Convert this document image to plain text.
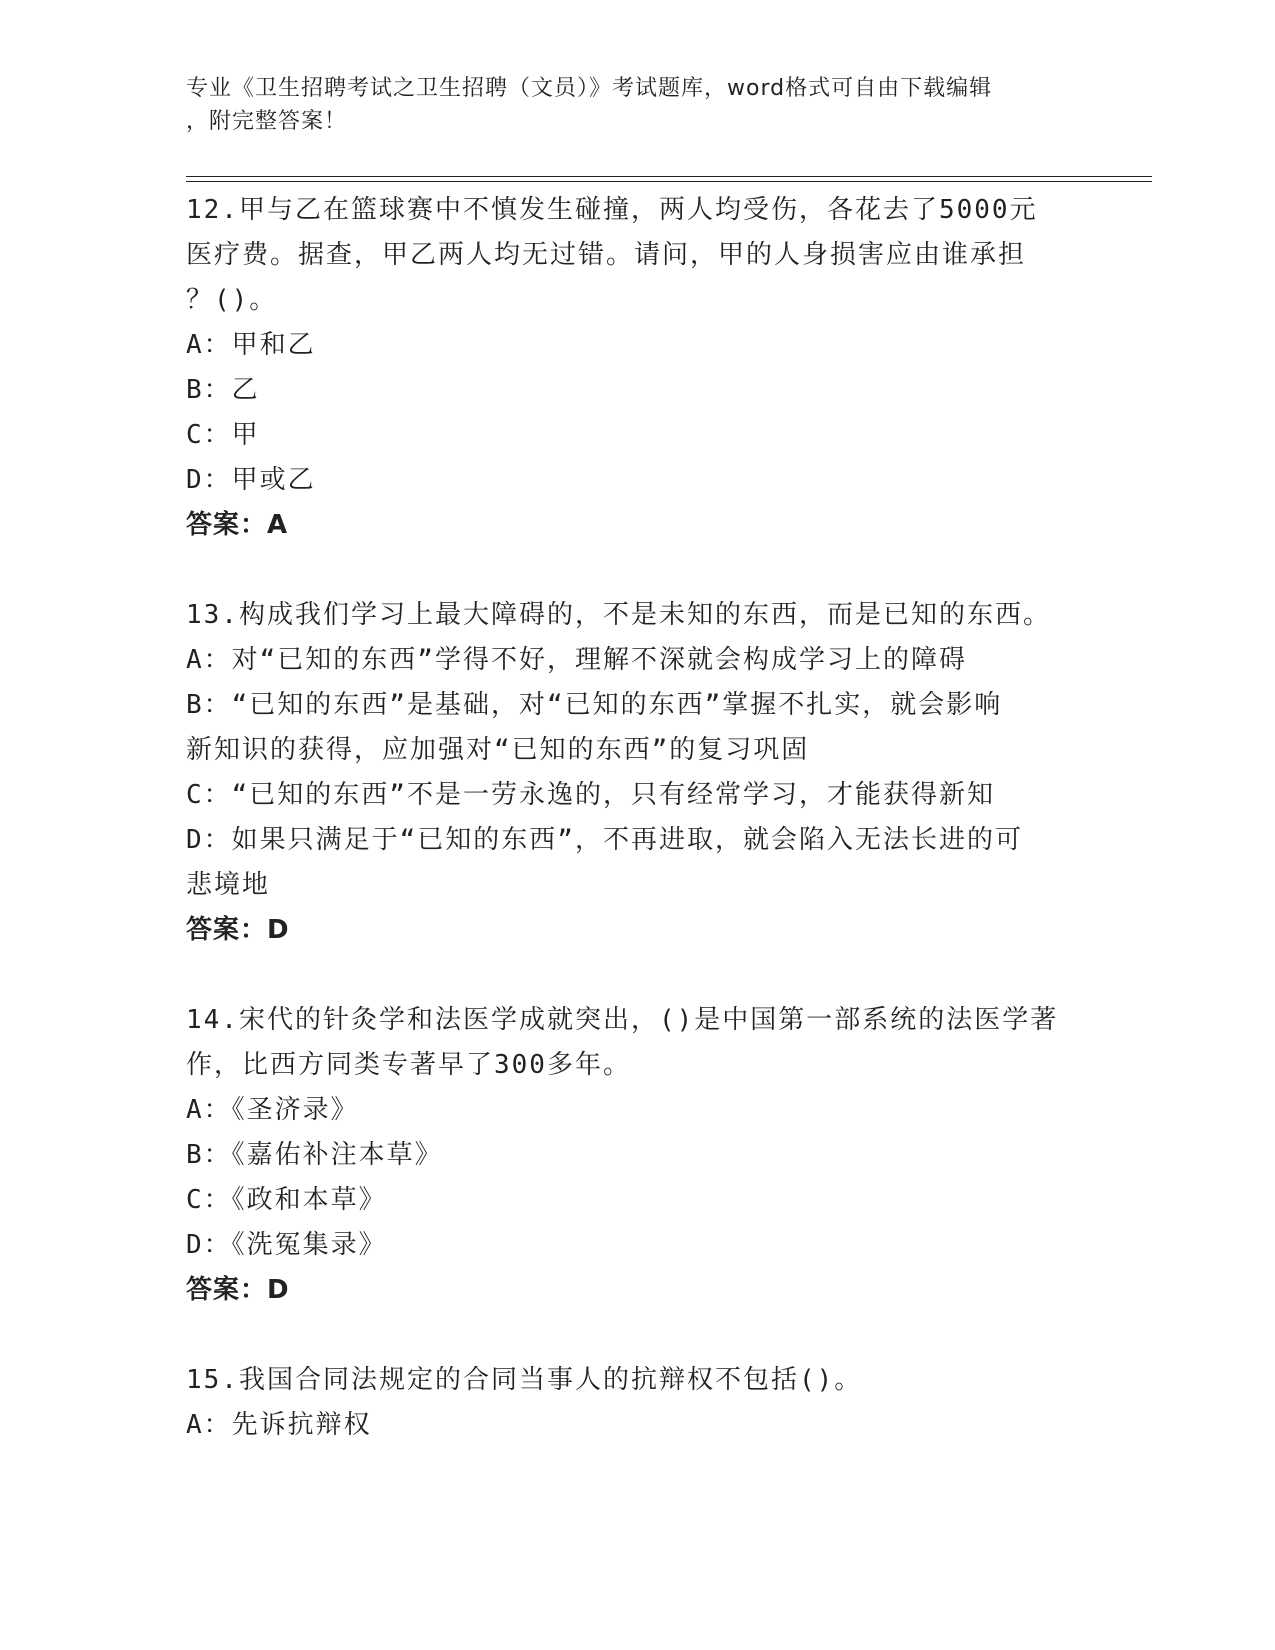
专业《卫生招聘考试之卫生招聘（文员）》考试题库，word格式可自由下载编辑
，附完整答案！
12.甲与乙在篮球赛中不慎发生碰撞，两人均受伤，各花去了5000元
医疗费。据查，甲乙两人均无过错。请问，甲的人身损害应由谁承担
？()。
A：甲和乙
B：乙
C：甲
D：甲或乙
答案：A
13.构成我们学习上最大障碍的，不是未知的东西，而是已知的东西。
A：对“已知的东西”学得不好，理解不深就会构成学习上的障碍
B：“已知的东西”是基础，对“已知的东西”掌握不扎实，就会影响
新知识的获得，应加强对“已知的东西”的复习巩固
C：“已知的东西”不是一劳永逸的，只有经常学习，才能获得新知
D：如果只满足于“已知的东西”，不再进取，就会陷入无法长进的可
悲境地
答案：D
14.宋代的针灸学和法医学成就突出，()是中国第一部系统的法医学著
作，比西方同类专著早了300多年。
A：《圣济录》
B：《嘉佑补注本草》
C：《政和本草》
D：《洗冤集录》
答案：D
15.我国合同法规定的合同当事人的抗辩权不包括()。
A：先诉抗辩权
